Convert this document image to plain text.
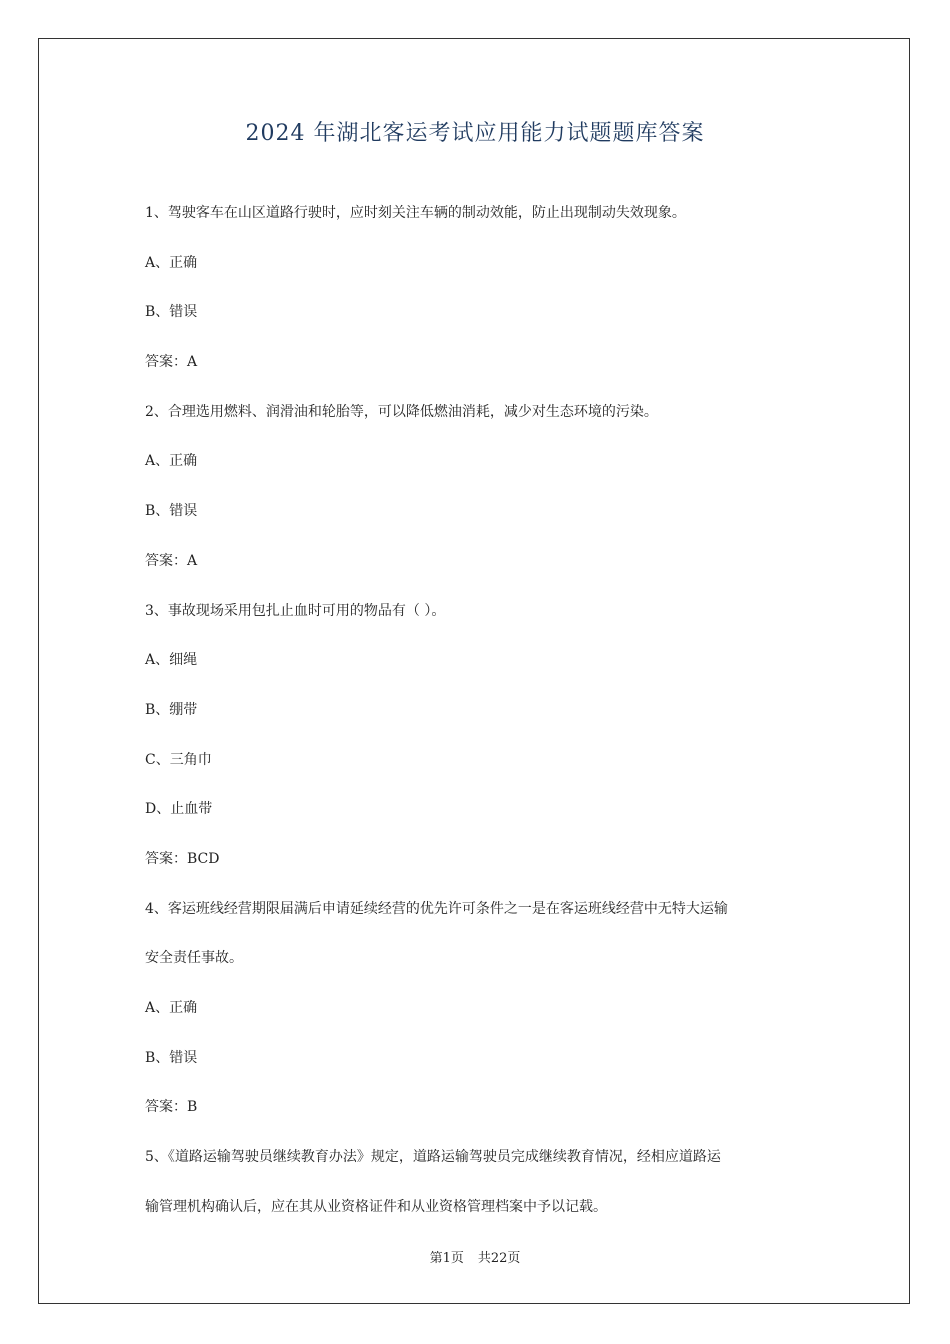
2024 年湖北客运考试应用能力试题题库答案
1、驾驶客车在山区道路行驶时，应时刻关注车辆的制动效能，防止出现制动失效现象。
A、正确
B、错误
答案：A
2、合理选用燃料、润滑油和轮胎等，可以降低燃油消耗，减少对生态环境的污染。
A、正确
B、错误
答案：A
3、事故现场采用包扎止血时可用的物品有（ ）。
A、细绳
B、绷带
C、三角巾
D、止血带
答案：BCD
4、客运班线经营期限届满后申请延续经营的优先许可条件之一是在客运班线经营中无特大运输
安全责任事故。
A、正确
B、错误
答案：B
5、《道路运输驾驶员继续教育办法》规定，道路运输驾驶员完成继续教育情况，经相应道路运
输管理机构确认后，应在其从业资格证件和从业资格管理档案中予以记载。
第1页 共22页
